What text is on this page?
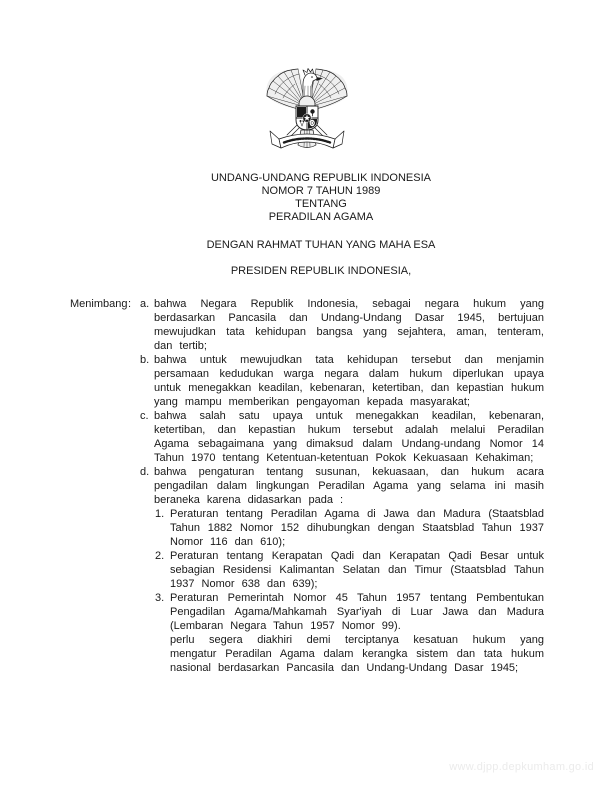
UNDANG-UNDANG REPUBLIK INDONESIA
NOMOR 7 TAHUN 1989
TENTANG
PERADILAN AGAMA
DENGAN RAHMAT TUHAN YANG MAHA ESA
PRESIDEN REPUBLIK INDONESIA,
Menimbang : a. bahwa Negara Republik Indonesia, sebagai negara hukum yang berdasarkan Pancasila dan Undang-Undang Dasar 1945, bertujuan mewujudkan tata kehidupan bangsa yang sejahtera, aman, tenteram, dan tertib;
b. bahwa untuk mewujudkan tata kehidupan tersebut dan menjamin persamaan kedudukan warga negara dalam hukum diperlukan upaya untuk menegakkan keadilan, kebenaran, ketertiban, dan kepastian hukum yang mampu memberikan pengayoman kepada masyarakat;
c. bahwa salah satu upaya untuk menegakkan keadilan, kebenaran, ketertiban, dan kepastian hukum tersebut adalah melalui Peradilan Agama sebagaimana yang dimaksud dalam Undang-undang Nomor 14 Tahun 1970 tentang Ketentuan-ketentuan Pokok Kekuasaan Kehakiman;
d. bahwa pengaturan tentang susunan, kekuasaan, dan hukum acara pengadilan dalam lingkungan Peradilan Agama yang selama ini masih beraneka karena didasarkan pada :
1. Peraturan tentang Peradilan Agama di Jawa dan Madura (Staatsblad Tahun 1882 Nomor 152 dihubungkan dengan Staatsblad Tahun 1937 Nomor 116 dan 610);
2. Peraturan tentang Kerapatan Qadi dan Kerapatan Qadi Besar untuk sebagian Residensi Kalimantan Selatan dan Timur (Staatsblad Tahun 1937 Nomor 638 dan 639);
3. Peraturan Pemerintah Nomor 45 Tahun 1957 tentang Pembentukan Pengadilan Agama/Mahkamah Syar'iyah di Luar Jawa dan Madura (Lembaran Negara Tahun 1957 Nomor 99).
perlu segera diakhiri demi terciptanya kesatuan hukum yang mengatur Peradilan Agama dalam kerangka sistem dan tata hukum nasional berdasarkan Pancasila dan Undang-Undang Dasar 1945;
www.djpp.depkumham.go.id
